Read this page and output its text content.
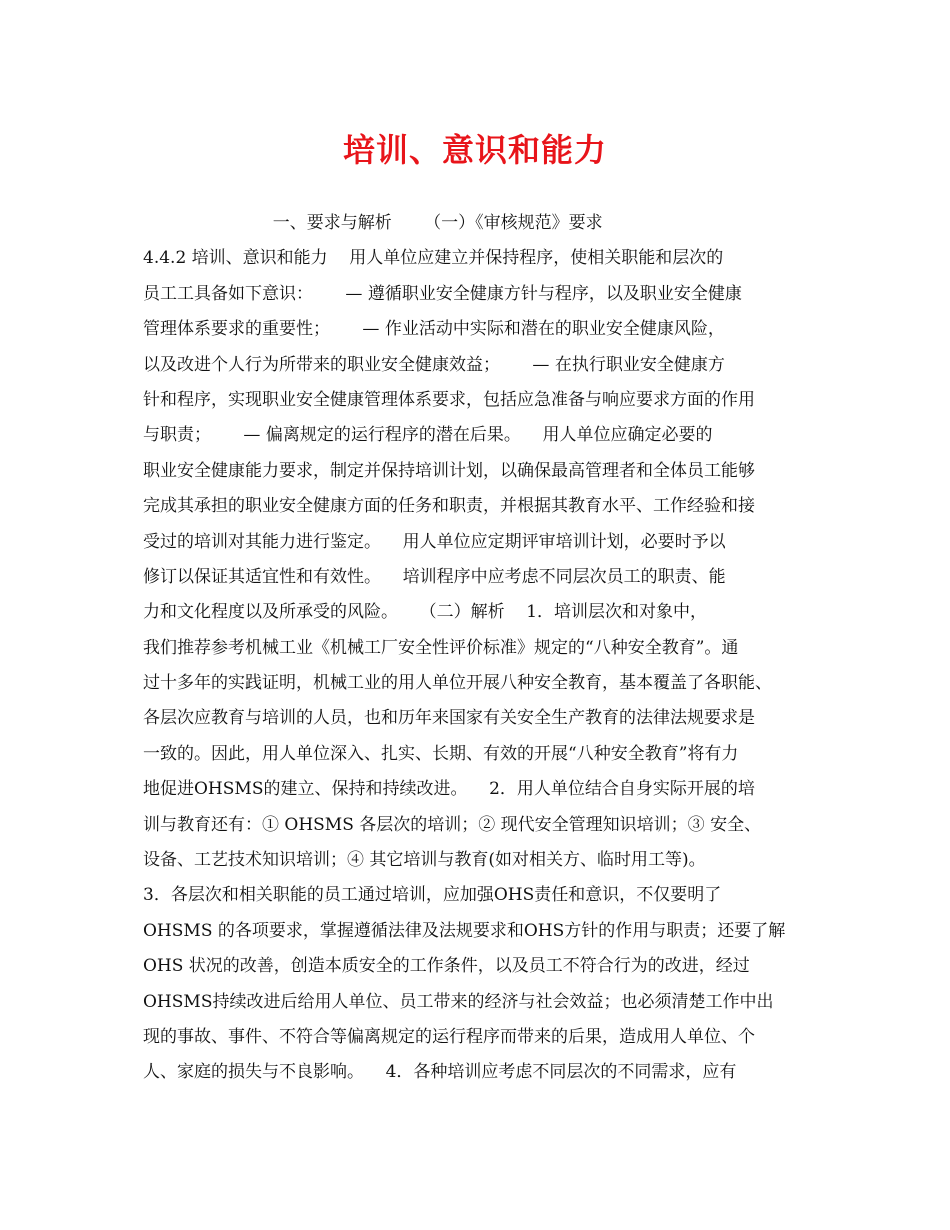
培训、意识和能力
一、要求与解析      （一）《审核规范》要求
4.4.2 培训、意识和能力    用人单位应建立并保持程序，使相关职能和层次的
员工工具备如下意识：      — 遵循职业安全健康方针与程序，以及职业安全健康
管理体系要求的重要性；      — 作业活动中实际和潜在的职业安全健康风险，
以及改进个人行为所带来的职业安全健康效益；      — 在执行职业安全健康方
针和程序，实现职业安全健康管理体系要求，包括应急准备与响应要求方面的作用
与职责；      — 偏离规定的运行程序的潜在后果。    用人单位应确定必要的
职业安全健康能力要求，制定并保持培训计划，以确保最高管理者和全体员工能够
完成其承担的职业安全健康方面的任务和职责，并根据其教育水平、工作经验和接
受过的培训对其能力进行鉴定。    用人单位应定期评审培训计划，必要时予以
修订以保证其适宜性和有效性。    培训程序中应考虑不同层次员工的职责、能
力和文化程度以及所承受的风险。    （二）解析    1．培训层次和对象中，
我们推荐参考机械工业《机械工厂安全性评价标准》规定的“八种安全教育”。通
过十多年的实践证明，机械工业的用人单位开展八种安全教育，基本覆盖了各职能、
各层次应教育与培训的人员，也和历年来国家有关安全生产教育的法律法规要求是
一致的。因此，用人单位深入、扎实、长期、有效的开展“八种安全教育”将有力
地促进OHSMS的建立、保持和持续改进。    2．用人单位结合自身实际开展的培
训与教育还有：① OHSMS 各层次的培训；② 现代安全管理知识培训；③ 安全、
设备、工艺技术知识培训；④ 其它培训与教育(如对相关方、临时用工等)。
3．各层次和相关职能的员工通过培训，应加强OHS责任和意识，不仅要明了
OHSMS 的各项要求，掌握遵循法律及法规要求和OHS方针的作用与职责；还要了解
OHS 状况的改善，创造本质安全的工作条件，以及员工不符合行为的改进，经过
OHSMS持续改进后给用人单位、员工带来的经济与社会效益；也必须清楚工作中出
现的事故、事件、不符合等偏离规定的运行程序而带来的后果，造成用人单位、个
人、家庭的损失与不良影响。    4．各种培训应考虑不同层次的不同需求，应有
